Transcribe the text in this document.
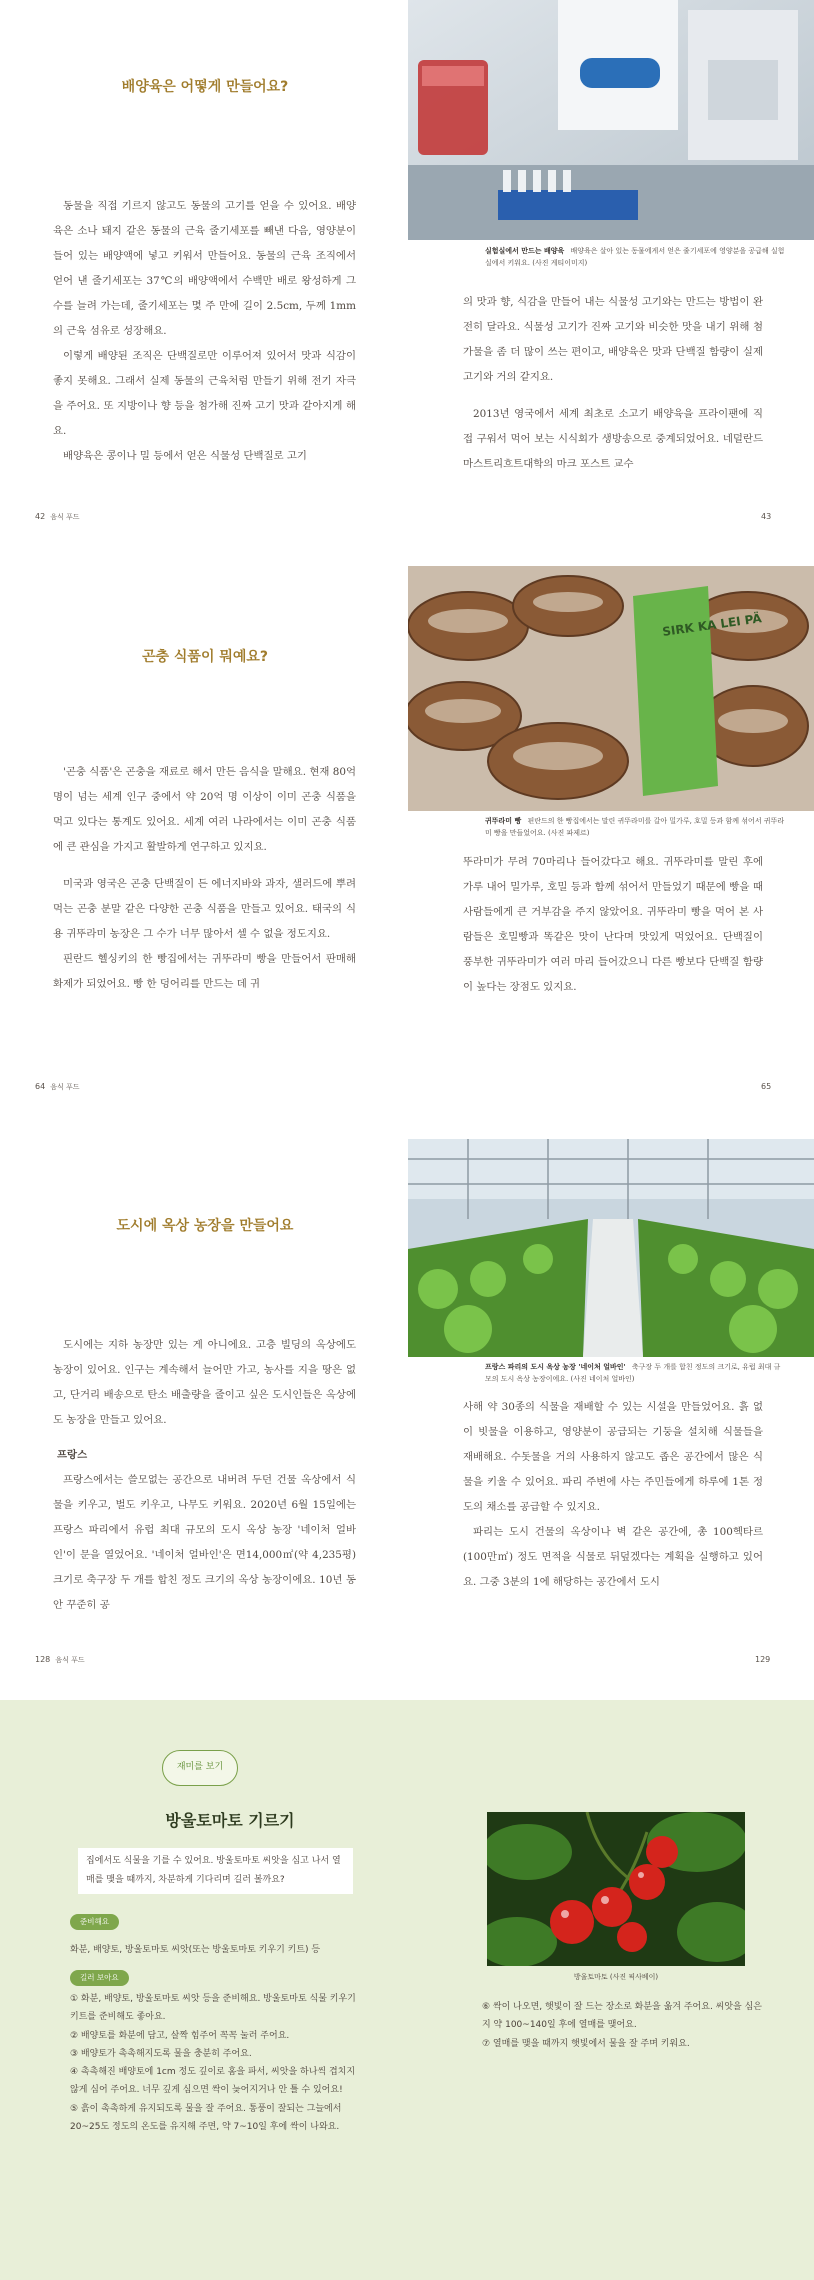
배양육은 어떻게 만들어요?

동물을 직접 기르지 않고도 동물의 고기를 얻을 수 있어요. 배양육은 소나 돼지 같은 동물의 근육 줄기세포를 빼낸 다음, 영양분이 들어 있는 배양액에 넣고 키워서 만들어요. 동물의 근육 조직에서 얻어 낸 줄기세포는 37℃의 배양액에서 수백만 배로 왕성하게 그 수를 늘려 가는데, 줄기세포는 몇 주 만에 길이 2.5cm, 두께 1mm의 근육 섬유로 성장해요.

이렇게 배양된 조직은 단백질로만 이루어져 있어서 맛과 식감이 좋지 못해요. 그래서 실제 동물의 근육처럼 만들기 위해 전기 자극을 주어요. 또 지방이나 향 등을 첨가해 진짜 고기 맛과 같아지게 해요.

배양육은 콩이나 밀 등에서 얻은 식물성 단백질로 고기

실험실에서 만드는 배양육 배양육은 살아 있는 동물에게서 얻은 줄기세포에 영양분을 공급해 실험실에서 키워요. (사진 게티이미지)

의 맛과 향, 식감을 만들어 내는 식물성 고기와는 만드는 방법이 완전히 달라요. 식물성 고기가 진짜 고기와 비슷한 맛을 내기 위해 첨가물을 좀 더 많이 쓰는 편이고, 배양육은 맛과 단백질 함량이 실제 고기와 거의 같지요.

2013년 영국에서 세계 최초로 소고기 배양육을 프라이팬에 직접 구워서 먹어 보는 시식회가 생방송으로 중계되었어요. 네덜란드 마스트리흐트대학의 마크 포스트 교수

42 음식 푸드	43
곤충 식품이 뭐예요?

'곤충 식품'은 곤충을 재료로 해서 만든 음식을 말해요. 현재 80억 명이 넘는 세계 인구 중에서 약 20억 명 이상이 이미 곤충 식품을 먹고 있다는 통계도 있어요. 세계 여러 나라에서는 이미 곤충 식품에 큰 관심을 가지고 활발하게 연구하고 있지요.

미국과 영국은 곤충 단백질이 든 에너지바와 과자, 샐러드에 뿌려 먹는 곤충 분말 같은 다양한 곤충 식품을 만들고 있어요. 태국의 식용 귀뚜라미 농장은 그 수가 너무 많아서 셀 수 없을 정도지요.

핀란드 헬싱키의 한 빵집에서는 귀뚜라미 빵을 만들어서 판매해 화제가 되었어요. 빵 한 덩어리를 만드는 데 귀

SIRK KA LEI PÄ
귀뚜라미 빵 핀란드의 한 빵집에서는 말린 귀뚜라미를 갈아 밀가루, 호밀 등과 함께 섞어서 귀뚜라미 빵을 만들었어요. (사진 파제르)

뚜라미가 무려 70마리나 들어갔다고 해요. 귀뚜라미를 말린 후에 가루 내어 밀가루, 호밀 등과 함께 섞어서 만들었기 때문에 빵을 때 사람들에게 큰 거부감을 주지 않았어요. 귀뚜라미 빵을 먹어 본 사람들은 호밀빵과 똑같은 맛이 난다며 맛있게 먹었어요. 단백질이 풍부한 귀뚜라미가 여러 마리 들어갔으니 다른 빵보다 단백질 함량이 높다는 장점도 있지요.

64 음식 푸드	65
도시에 옥상 농장을 만들어요

도시에는 지하 농장만 있는 게 아니에요. 고층 빌딩의 옥상에도 농장이 있어요. 인구는 계속해서 늘어만 가고, 농사를 지을 땅은 없고, 단거리 배송으로 탄소 배출량을 줄이고 싶은 도시인들은 옥상에도 농장을 만들고 있어요.

프랑스

프랑스에서는 쓸모없는 공간으로 내버려 두던 건물 옥상에서 식물을 키우고, 벌도 키우고, 나무도 키워요. 2020년 6월 15일에는 프랑스 파리에서 유럽 최대 규모의 도시 옥상 농장 '네이처 얼바인'이 문을 열었어요. '네이처 얼바인'은 면14,000㎡(약 4,235평) 크기로 축구장 두 개를 합친 정도 크기의 옥상 농장이에요. 10년 동안 꾸준히 공

프랑스 파리의 도시 옥상 농장 '네이처 얼바인' 축구장 두 개를 합친 정도의 크기로, 유럽 최대 규모의 도시 옥상 농장이에요. (사진 네이처 얼바인)

사해 약 30종의 식물을 재배할 수 있는 시설을 만들었어요. 흙 없이 빗물을 이용하고, 영양분이 공급되는 기둥을 설치해 식물들을 재배해요. 수돗물을 거의 사용하지 않고도 좁은 공간에서 많은 식물을 키울 수 있어요. 파리 주변에 사는 주민들에게 하루에 1톤 정도의 채소를 공급할 수 있지요.

파리는 도시 건물의 옥상이나 벽 같은 공간에, 총 100헥타르(100만㎡) 정도 면적을 식물로 뒤덮겠다는 계획을 실행하고 있어요. 그중 3분의 1에 해당하는 공간에서 도시

128 음식 푸드	129
재미를 보기
방울토마토 기르기
집에서도 식물을 기를 수 있어요. 방울토마토 씨앗을 심고 나서 열매를 맺을 때까지, 차분하게 기다리며 길러 볼까요?
준비해요
화분, 배양토, 방울토마토 씨앗(또는 방울토마토 키우기 키트) 등
길러 보아요

① 화분, 배양토, 방울토마토 씨앗 등을 준비해요. 방울토마토 식물 키우기 키트를 준비해도 좋아요.

② 배양토를 화분에 담고, 살짝 힘주어 꼭꼭 눌러 주어요.

③ 배양토가 촉촉해지도록 물을 충분히 주어요.

④ 촉촉해진 배양토에 1cm 정도 깊이로 홈을 파서, 씨앗을 하나씩 겹치지 않게 심어 주어요. 너무 깊게 심으면 싹이 늦어지거나 안 틀 수 있어요!

⑤ 흙이 촉촉하게 유지되도록 물을 잘 주어요. 통풍이 잘되는 그늘에서 20~25도 정도의 온도를 유지해 주면, 약 7~10일 후에 싹이 나와요.

방울토마토 (사진 픽사베이)

⑥ 싹이 나오면, 햇빛이 잘 드는 장소로 화분을 옮겨 주어요. 씨앗을 심은 지 약 100~140일 후에 열매를 맺어요.

⑦ 열매를 맺을 때까지 햇빛에서 물을 잘 주며 키워요.
